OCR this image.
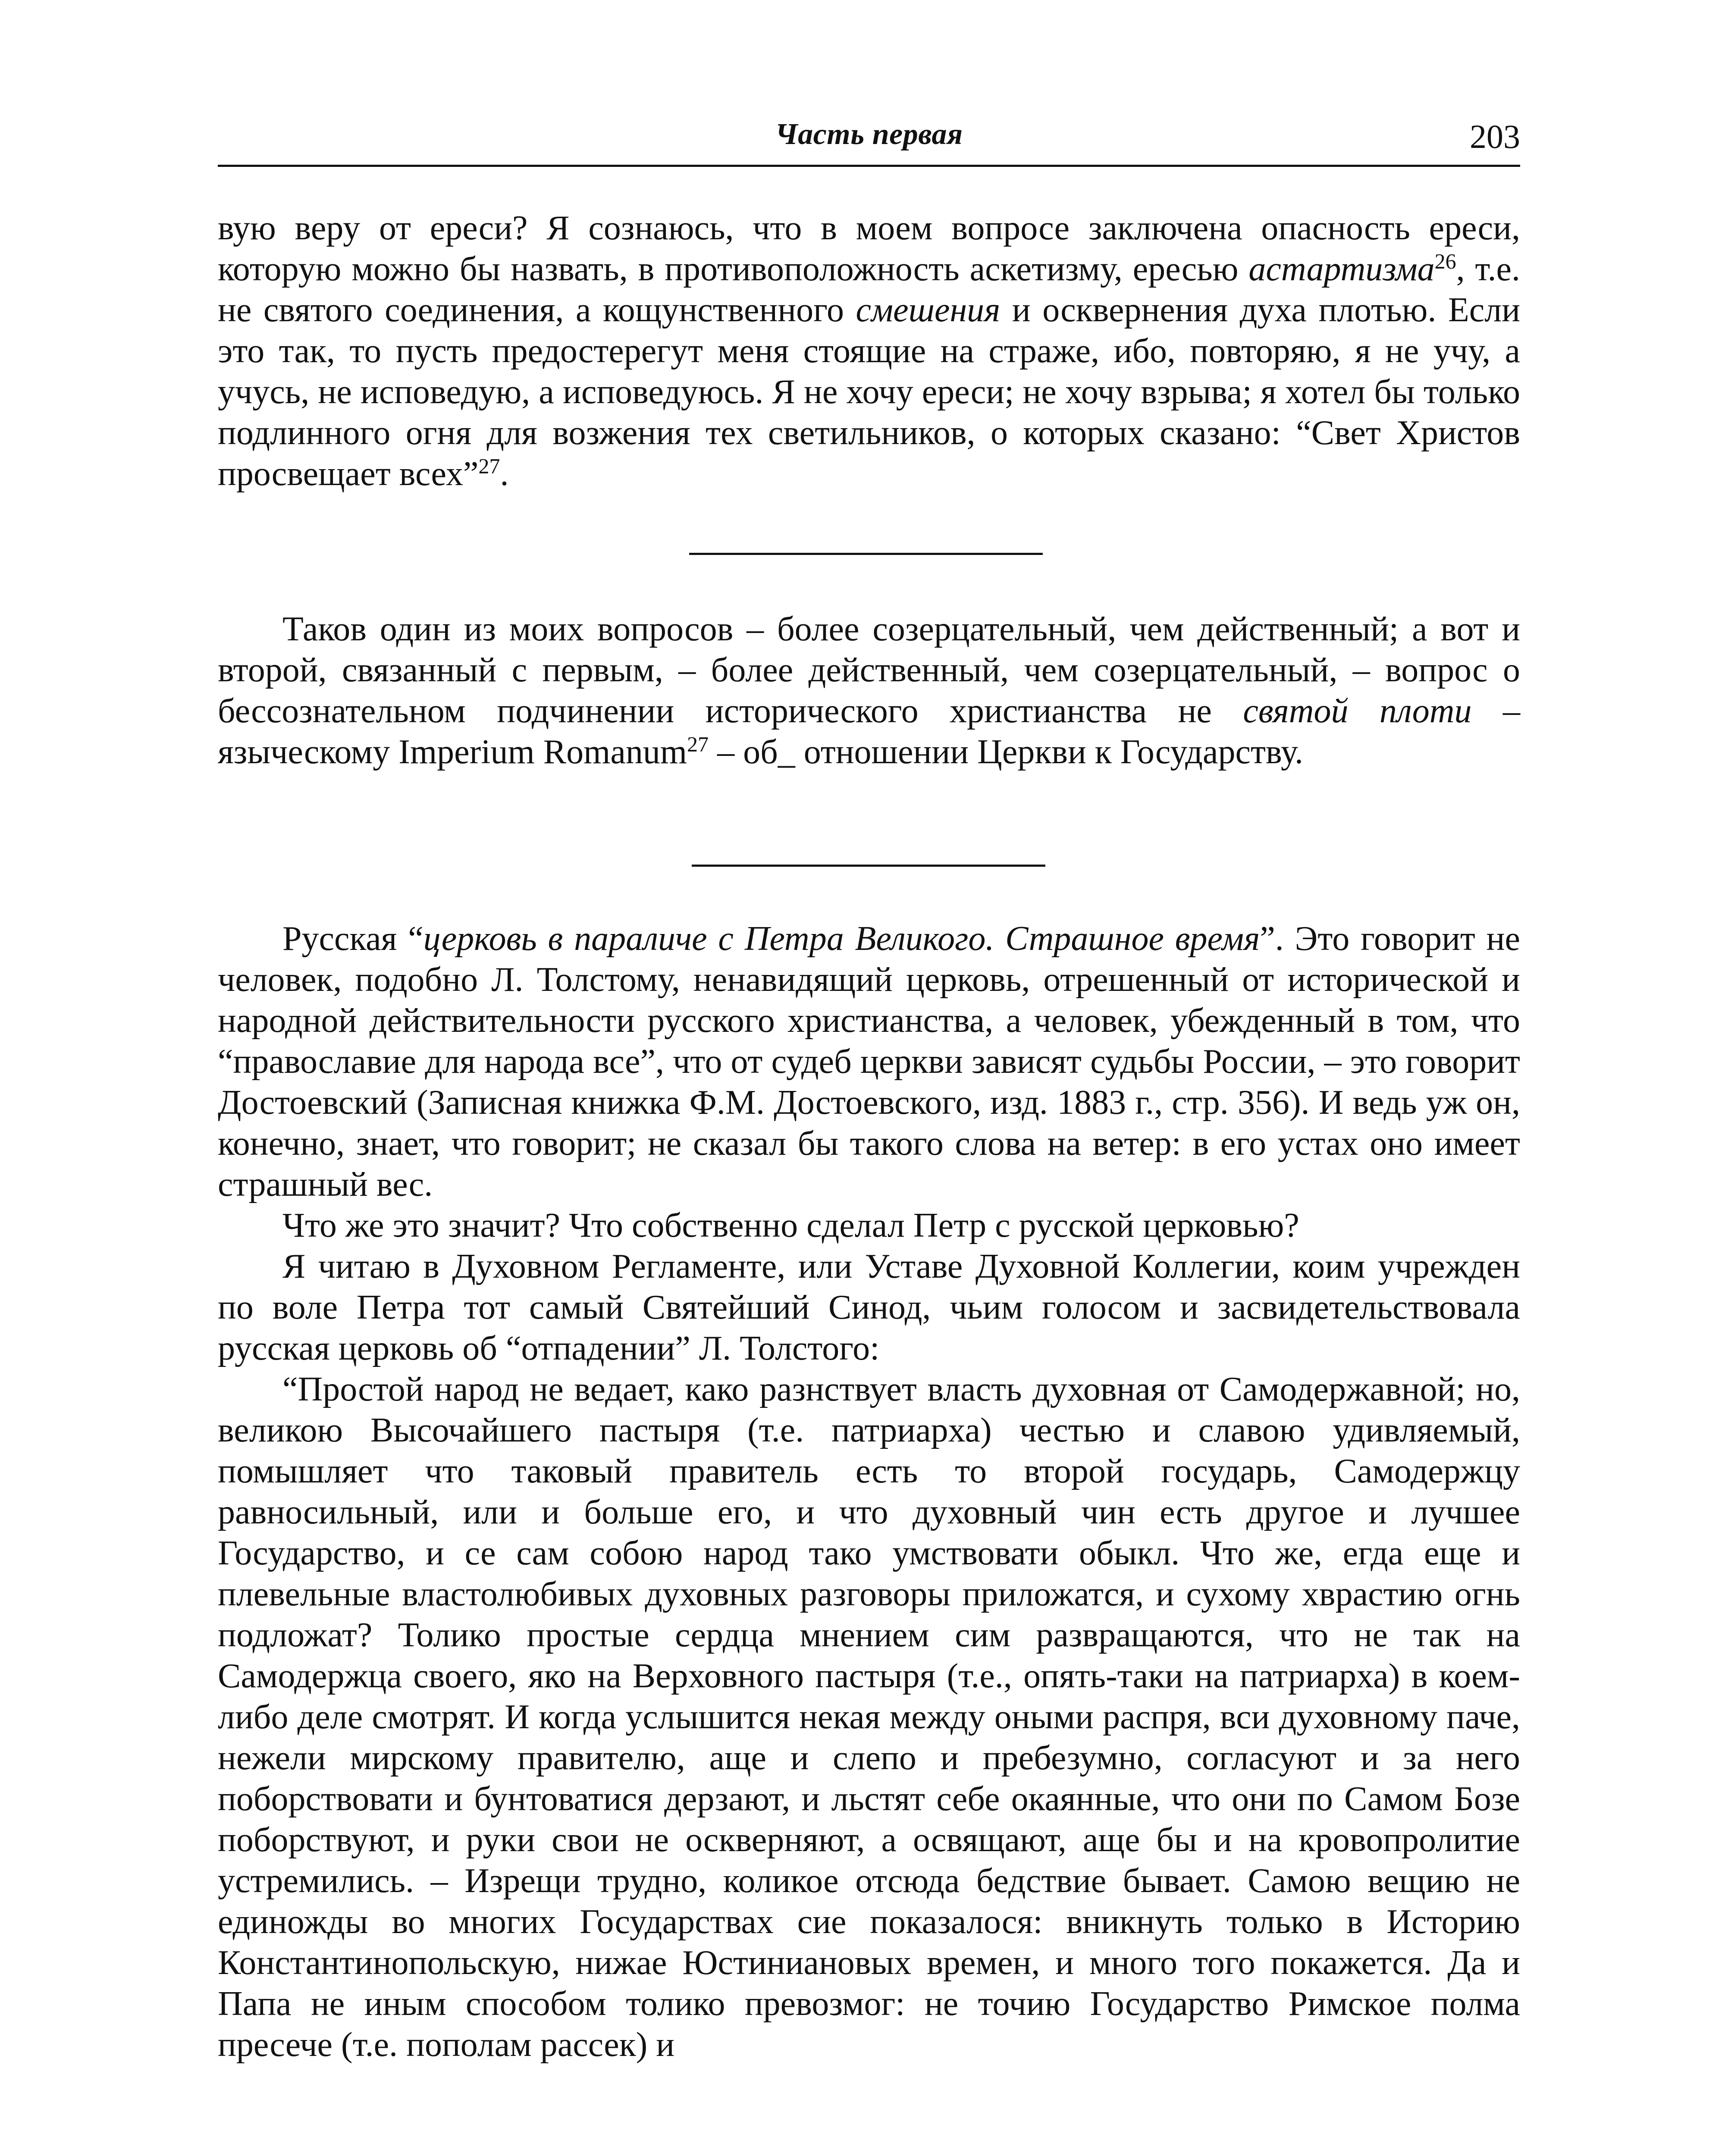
Часть первая	203

вую веру от ереси? Я сознаюсь, что в моем вопросе заключена опасность ереси, которую можно бы назвать, в противоположность аскетизму, ересью астартизма$^{26}$, т.е. не святого соединения, а кощунственного смешения и осквернения духа плотью. Если это так, то пусть предостерегут меня стоящие на страже, ибо, повторяю, я не учу, а учусь, не исповедую, а исповедуюсь. Я не хочу ереси; не хочу взрыва; я хотел бы только подлинного огня для возжения тех светильников, о которых сказано: “Свет Христов просвещает всех”$^{27}$.

Таков один из моих вопросов – более созерцательный, чем действенный; а вот и второй, связанный с первым, – более действенный, чем созерцательный, – вопрос о бессознательном подчинении исторического христианства не святой плоти – языческому Imperium Romanum$^{27}$ – об_ отношении Церкви к Государству.

Русская “церковь в параличе с Петра Великого. Страшное время”. Это говорит не человек, подобно Л. Толстому, ненавидящий церковь, отрешенный от исторической и народной действительности русского христианства, а человек, убежденный в том, что “православие для народа все”, что от судеб церкви зависят судьбы России, – это говорит Достоевский (Записная книжка Ф.М. Достоевского, изд. 1883 г., стр. 356). И ведь уж он, конечно, знает, что говорит; не сказал бы такого слова на ветер: в его устах оно имеет страшный вес.

Что же это значит? Что собственно сделал Петр с русской церковью?

Я читаю в Духовном Регламенте, или Уставе Духовной Коллегии, коим учрежден по воле Петра тот самый Святейший Синод, чьим голосом и засвидетельствовала русская церковь об “отпадении” Л. Толстого:

“Простой народ не ведает, како разнствует власть духовная от Самодержавной; но, великою Высочайшего пастыря (т.е. патриарха) честью и славою удивляемый, помышляет что таковый правитель есть то второй государь, Самодержцу равносильный, или и больше его, и что духовный чин есть другое и лучшее Государство, и се сам собою народ тако умствовати обыкл. Что же, егда еще и плевельные властолюбивых духовных разговоры приложатся, и сухому хврастию огнь подложат? Толико простые сердца мнением сим развращаются, что не так на Самодержца своего, яко на Верховного пастыря (т.е., опять-таки на патриарха) в коем-либо деле смотрят. И когда услышится некая между оными распря, вси духовному паче, нежели мирскому правителю, аще и слепо и пребезумно, согласуют и за него поборствовати и бунтоватися дерзают, и льстят себе окаянные, что они по Самом Бозе поборствуют, и руки свои не оскверняют, а освящают, аще бы и на кровопролитие устремились. – Изрещи трудно, коликое отсюда бедствие бывает. Самою вещию не единожды во многих Государствах сие показалося: вникнуть только в Историю Константинопольскую, нижае Юстиниановых времен, и много того покажется. Да и Папа не иным способом толико превозмог: не точию Государство Римское полма пресече (т.е. пополам рассек) и
